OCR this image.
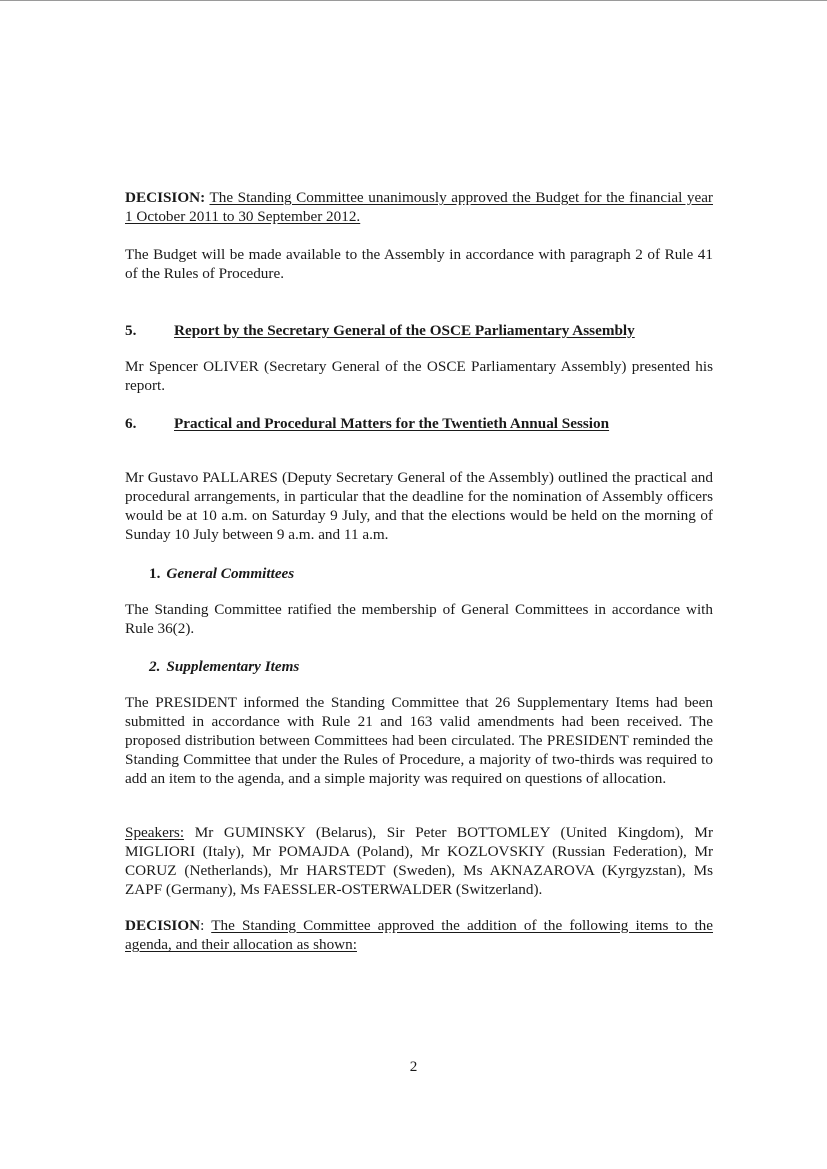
DECISION: The Standing Committee unanimously approved the Budget for the financial year 1 October 2011 to 30 September 2012.

The Budget will be made available to the Assembly in accordance with paragraph 2 of Rule 41 of the Rules of Procedure.

5. Report by the Secretary General of the OSCE Parliamentary Assembly

Mr Spencer OLIVER (Secretary General of the OSCE Parliamentary Assembly) presented his report.

6. Practical and Procedural Matters for the Twentieth Annual Session

Mr Gustavo PALLARES (Deputy Secretary General of the Assembly) outlined the practical and procedural arrangements, in particular that the deadline for the nomination of Assembly officers would be at 10 a.m. on Saturday 9 July, and that the elections would be held on the morning of Sunday 10 July between 9 a.m. and 11 a.m.

1. General Committees

The Standing Committee ratified the membership of General Committees in accordance with Rule 36(2).

2. Supplementary Items

The PRESIDENT informed the Standing Committee that 26 Supplementary Items had been submitted in accordance with Rule 21 and 163 valid amendments had been received. The proposed distribution between Committees had been circulated. The PRESIDENT reminded the Standing Committee that under the Rules of Procedure, a majority of two-thirds was required to add an item to the agenda, and a simple majority was required on questions of allocation.

Speakers: Mr GUMINSKY (Belarus), Sir Peter BOTTOMLEY (United Kingdom), Mr MIGLIORI (Italy), Mr POMAJDA (Poland), Mr KOZLOVSKIY (Russian Federation), Mr CORUZ (Netherlands), Mr HARSTEDT (Sweden), Ms AKNAZAROVA (Kyrgyzstan), Ms ZAPF (Germany), Ms FAESSLER-OSTERWALDER (Switzerland).

DECISION: The Standing Committee approved the addition of the following items to the agenda, and their allocation as shown:

2
